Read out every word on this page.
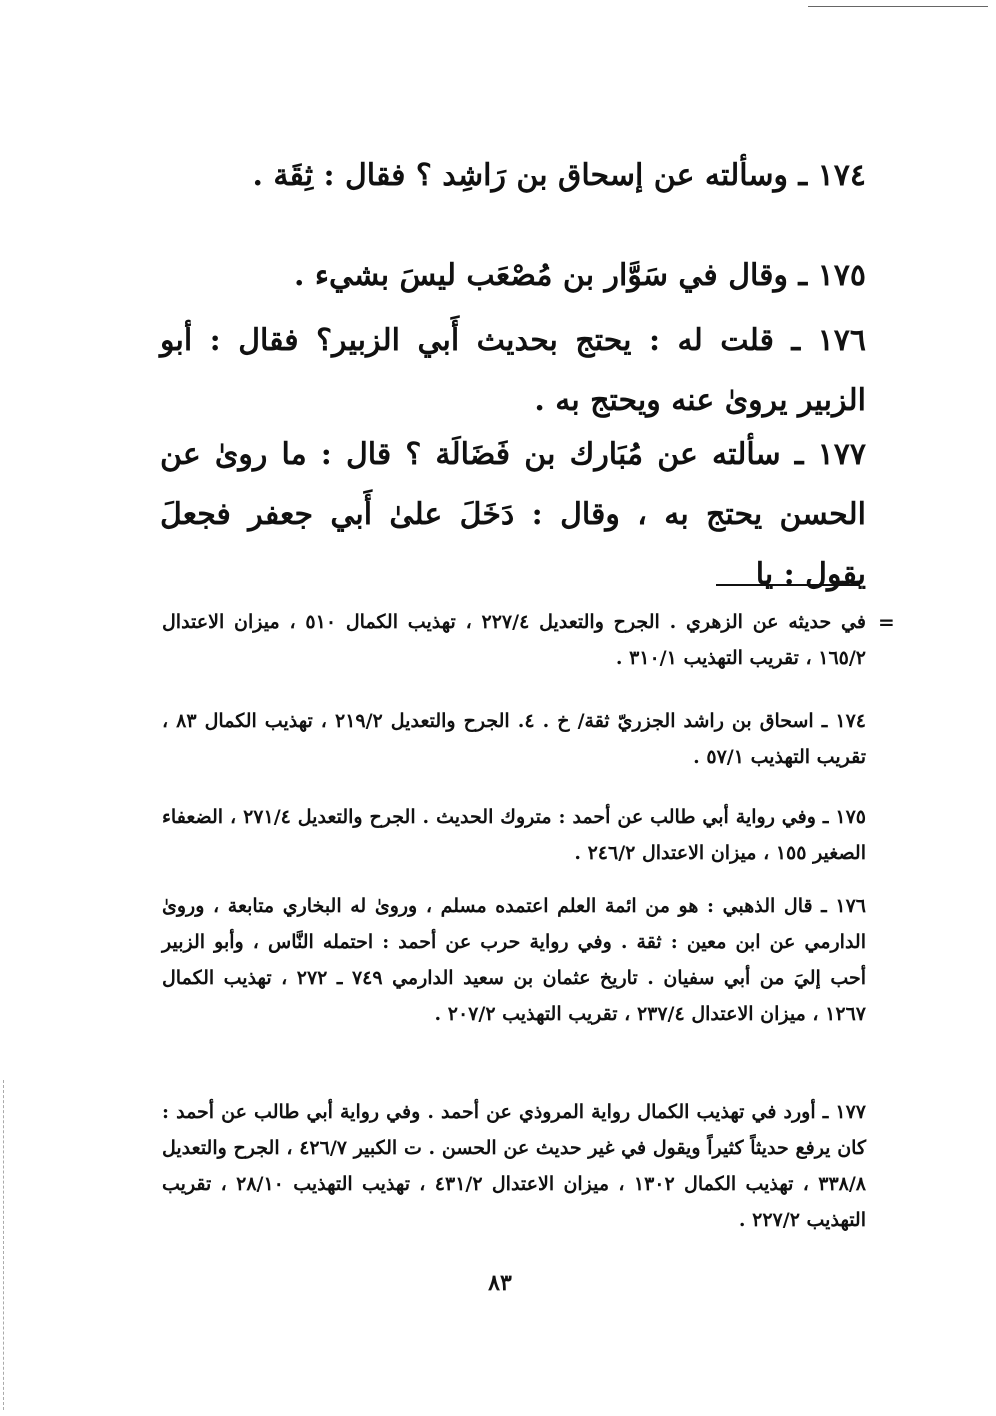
١٧٤ ـ وسألته عن إسحاق بن رَاشِد ؟ فقال : ثِقَة .

١٧٥ ـ وقال في سَوَّار بن مُصْعَب ليسَ بشيء .

١٧٦ ـ قلت له : يحتج بحديث أَبي الزبير؟ فقال : أبو الزبير يروىٰ عنه ويحتج به .

١٧٧ ـ سألته عن مُبَارك بن فَضَالَة ؟ قال : ما روىٰ عن الحسن يحتج به ، وقال : دَخَلَ علىٰ أَبي جعفر فجعلَ يقول : يا

=

في حديثه عن الزهري . الجرح والتعديل ٢٢٧/٤ ، تهذيب الكمال ٥١٠ ، ميزان الاعتدال ١٦٥/٢ ، تقريب التهذيب ٣١٠/١ .

١٧٤ ـ اسحاق بن راشد الجزريّ ثقة/ خ . ٤. الجرح والتعديل ٢١٩/٢ ، تهذيب الكمال ٨٣ ، تقريب التهذيب ٥٧/١ .

١٧٥ ـ وفي رواية أبي طالب عن أحمد : متروك الحديث . الجرح والتعديل ٢٧١/٤ ، الضعفاء الصغير ١٥٥ ، ميزان الاعتدال ٢٤٦/٢ .

١٧٦ ـ قال الذهبي : هو من ائمة العلم اعتمده مسلم ، وروىٰ له البخاري متابعة ، وروىٰ الدارمي عن ابن معين : ثقة . وفي رواية حرب عن أحمد : احتمله النَّاس ، وأبو الزبير أحب إليَ من أبي سفيان . تاريخ عثمان بن سعيد الدارمي ٧٤٩ ـ ٢٧٢ ، تهذيب الكمال ١٢٦٧ ، ميزان الاعتدال ٢٣٧/٤ ، تقريب التهذيب ٢٠٧/٢ .

١٧٧ ـ أورد في تهذيب الكمال رواية المروذي عن أحمد . وفي رواية أبي طالب عن أحمد : كان يرفع حديثاً كثيراً ويقول في غير حديث عن الحسن . ت الكبير ٤٢٦/٧ ، الجرح والتعديل ٣٣٨/٨ ، تهذيب الكمال ١٣٠٢ ، ميزان الاعتدال ٤٣١/٢ ، تهذيب التهذيب ٢٨/١٠ ، تقريب التهذيب ٢٢٧/٢ .

٨٣
